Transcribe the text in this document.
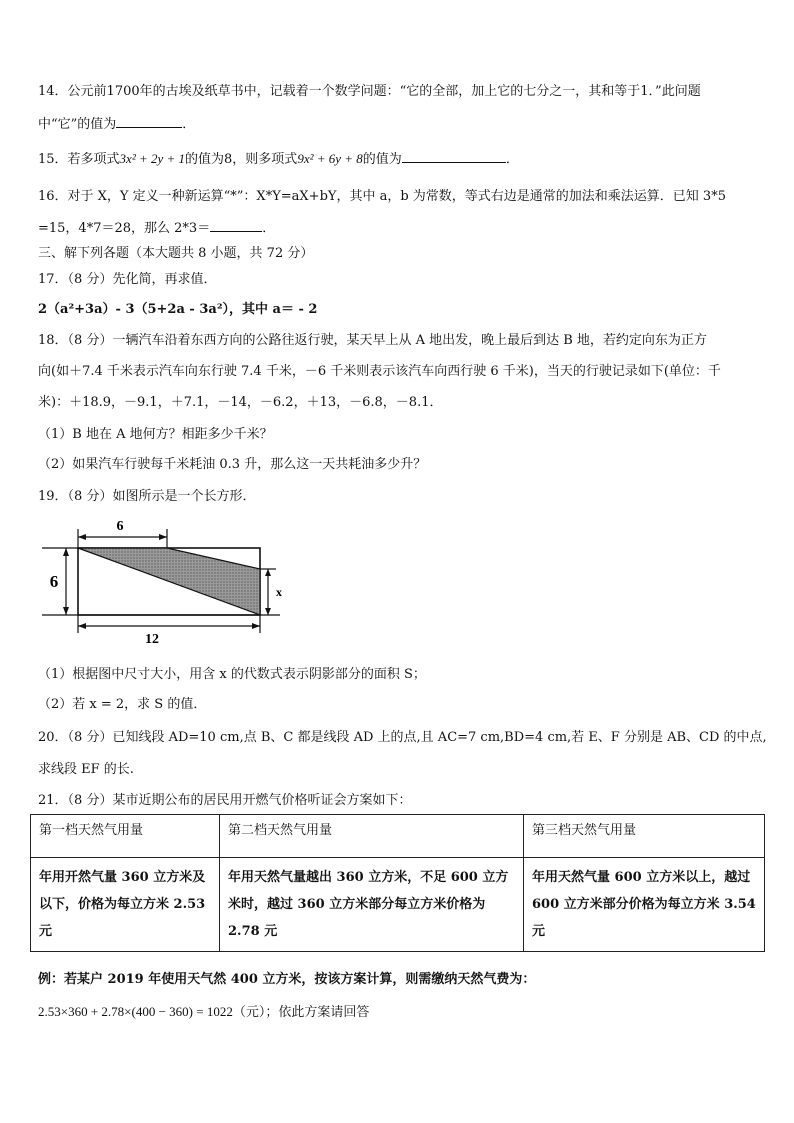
14．公元前1700年的古埃及纸草书中，记载着一个数学问题：“它的全部，加上它的七分之一，其和等于1．”此问题
中“它”的值为	．
15．若多项式3x² + 2y + 1的值为8，则多项式9x² + 6y + 8的值为	．
16．对于 X，Y 定义一种新运算“*”：X*Y=aX+bY，其中 a，b 为常数，等式右边是通常的加法和乘法运算．已知 3*5
=15，4*7＝28，那么 2*3＝	．
三、解下列各题（本大题共 8 小题，共 72 分）
17．（8 分）先化简，再求值．
2（a²+3a）- 3（5+2a - 3a²），其中 a＝ - 2
18．（8 分）一辆汽车沿着东西方向的公路往返行驶，某天早上从 A 地出发，晚上最后到达 B 地，若约定向东为正方
向(如＋7.4 千米表示汽车向东行驶 7.4 千米，－6 千米则表示该汽车向西行驶 6 千米)，当天的行驶记录如下(单位：千
米)：＋18.9，－9.1，＋7.1，－14，－6.2，＋13，－6.8，－8.1．
（1）B 地在 A 地何方？相距多少千米？
（2）如果汽车行驶每千米耗油 0.3 升，那么这一天共耗油多少升？
19．（8 分）如图所示是一个长方形．
6
6
x
12
（1）根据图中尺寸大小，用含 x 的代数式表示阴影部分的面积 S；
（2）若 x = 2，求 S 的值．
20．（8 分）已知线段 AD=10 cm,点 B、C 都是线段 AD 上的点,且 AC=7 cm,BD=4 cm,若 E、F 分别是 AB、CD 的中点,
求线段 EF 的长.
21．（8 分）某市近期公布的居民用开燃气价格听证会方案如下：
第一档天然气用量	第二档天然气用量	第三档天然气用量
年用开然气量 360 立方米及以下，价格为每立方米 2.53 元	年用天然气量越出 360 立方米，不足 600 立方米时，越过 360 立方米部分每立方米价格为 2.78 元	年用天然气量 600 立方米以上，越过 600 立方米部分价格为每立方米 3.54 元
例：若某户 2019 年使用天气然 400 立方米，按该方案计算，则需缴纳天然气费为：
2.53×360 + 2.78×(400 − 360) = 1022（元）；依此方案请回答
